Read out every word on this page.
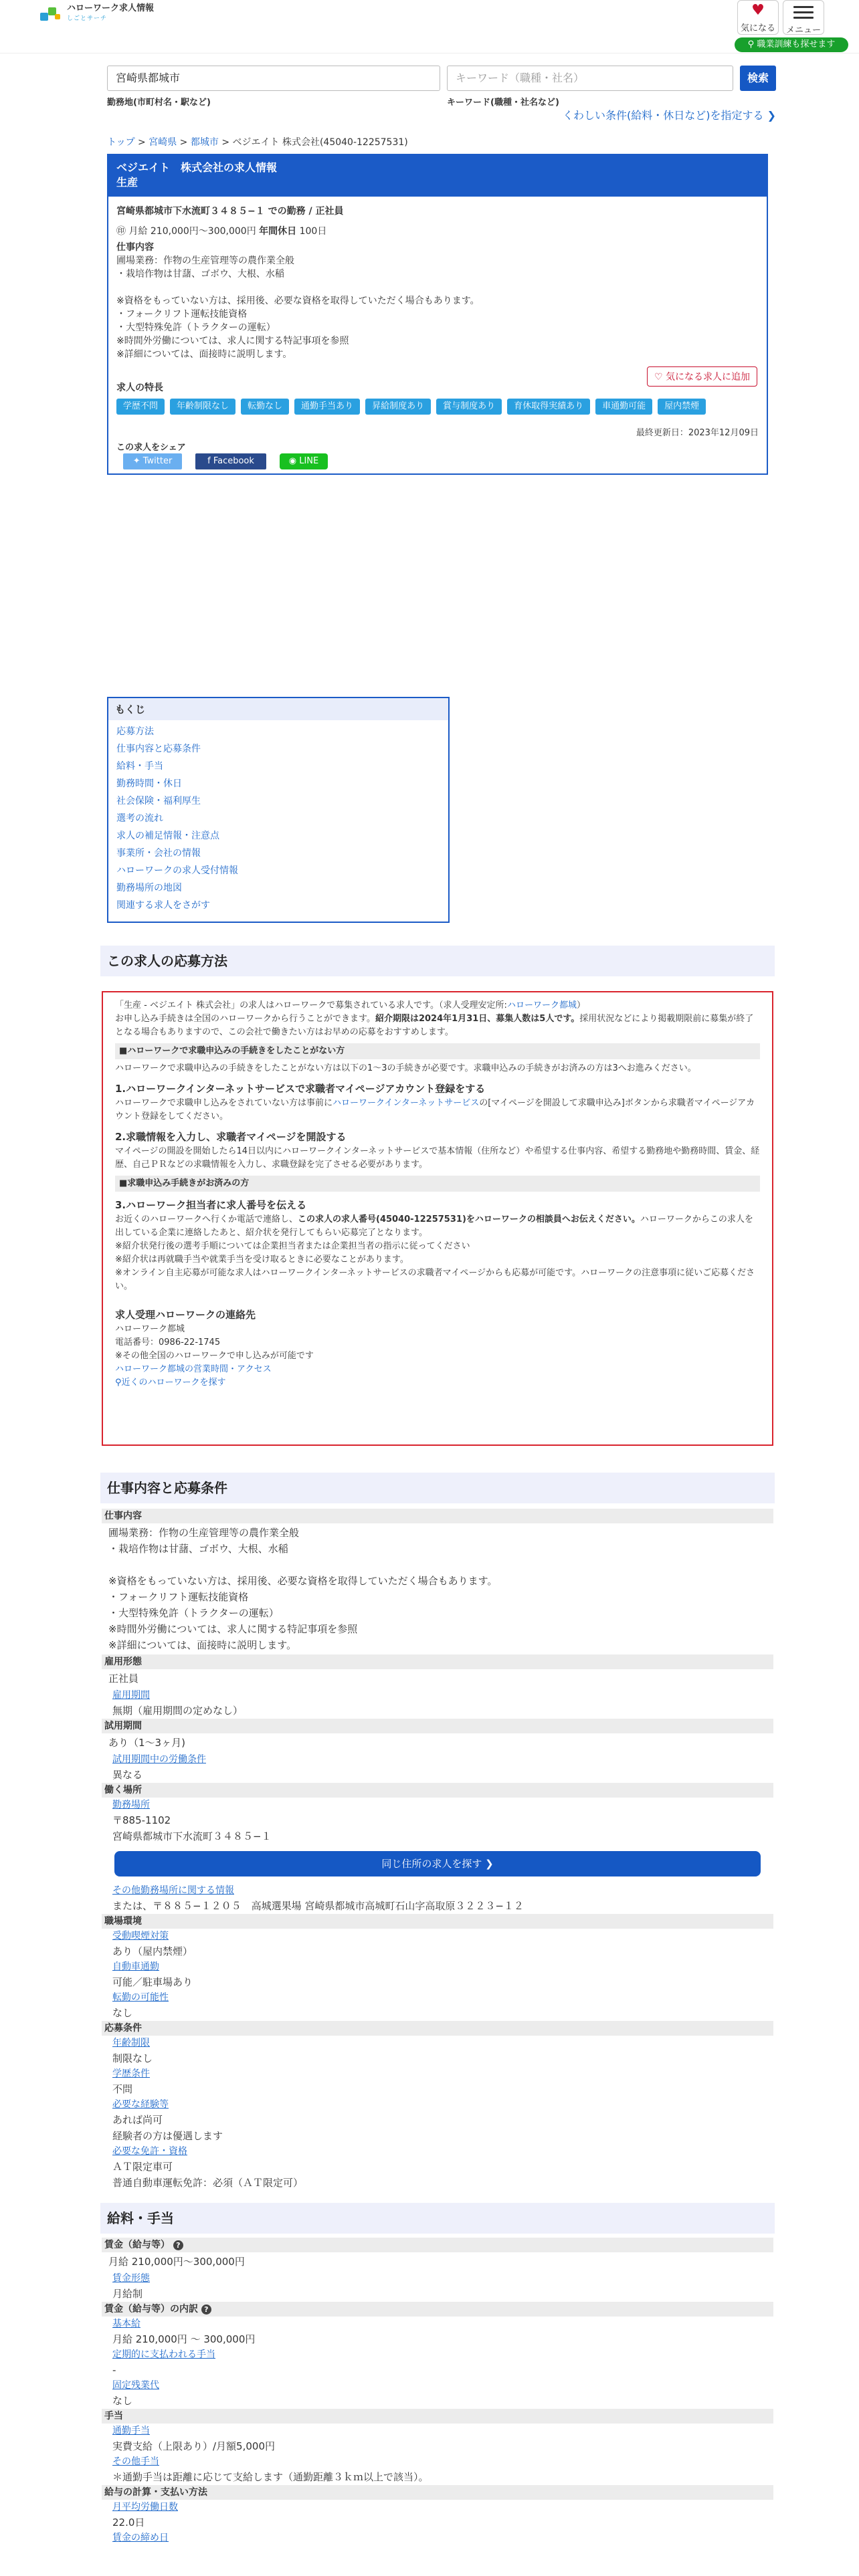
ハローワーク求人情報
しごとサーチ	♥
気になる	メニュー
⚲ 職業訓練も探せます
宮崎県都城市	キーワード（職種・社名）	検索
勤務地(市町村名・駅など)	キーワード(職種・社名など)
くわしい条件(給料・休日など)を指定する ❯
トップ > 宮崎県 > 都城市 > ベジエイト 株式会社(45040-12257531)
ベジエイト　株式会社の求人情報
生産
宮崎県都城市下水流町３４８５−１ での勤務 / 正社員
㊞ 月給 210,000円〜300,000円 年間休日 100日
仕事内容
圃場業務：作物の生産管理等の農作業全般
・栽培作物は甘藷、ゴボウ、大根、水稲
※資格をもっていない方は、採用後、必要な資格を取得していただく場合もあります。
・フォークリフト運転技能資格
・大型特殊免許（トラクターの運転）
※時間外労働については、求人に関する特記事項を参照
※詳細については、面接時に説明します。
求人の特長
学歴不問	年齢制限なし	転勤なし	通勤手当あり	昇給制度あり	賞与制度あり	育休取得実績あり	車通勤可能	屋内禁煙
♡ 気になる求人に追加
最終更新日：2023年12月09日
この求人をシェア
✦ Twitter	f Facebook	◉ LINE
もくじ
応募方法
仕事内容と応募条件
給料・手当
勤務時間・休日
社会保険・福利厚生
選考の流れ
求人の補足情報・注意点
事業所・会社の情報
ハローワークの求人受付情報
勤務場所の地図
関連する求人をさがす
この求人の応募方法
「生産 - ベジエイト 株式会社」の求人はハローワークで募集されている求人です。（求人受理安定所:ハローワーク都城）
お申し込み手続きは全国のハローワークから行うことができます。紹介期限は2024年1月31日、募集人数は5人です。採用状況などにより掲載期限前に募集が終了となる場合もありますので、この会社で働きたい方はお早めの応募をおすすめします。
■ハローワークで求職申込みの手続きをしたことがない方
ハローワークで求職申込みの手続きをしたことがない方は以下の1〜3の手続きが必要です。求職申込みの手続きがお済みの方は3へお進みください。
1.ハローワークインターネットサービスで求職者マイページアカウント登録をする
ハローワークで求職申し込みをされていない方は事前にハローワークインターネットサービスの[マイページを開設して求職申込み]ボタンから求職者マイページアカウント登録をしてください。
2.求職情報を入力し、求職者マイページを開設する
マイページの開設を開始したら14日以内にハローワークインターネットサービスで基本情報（住所など）や希望する仕事内容、希望する勤務地や勤務時間、賃金、経歴、自己ＰＲなどの求職情報を入力し、求職登録を完了させる必要があります。
■求職申込み手続きがお済みの方
3.ハローワーク担当者に求人番号を伝える
お近くのハローワークへ行くか電話で連絡し、この求人の求人番号(45040-12257531)をハローワークの相談員へお伝えください。ハローワークからこの求人を出している企業に連絡したあと、紹介状を発行してもらい応募完了となります。
※紹介状発行後の選考手順については企業担当者または企業担当者の指示に従ってください
※紹介状は再就職手当や就業手当を受け取るときに必要なことがあります。
※オンライン自主応募が可能な求人はハローワークインターネットサービスの求職者マイページからも応募が可能です。ハローワークの注意事項に従いご応募ください。
求人受理ハローワークの連絡先
ハローワーク都城
電話番号：0986-22-1745
※その他全国のハローワークで申し込みが可能です
ハローワーク都城の営業時間・アクセス
⚲近くのハローワークを探す
仕事内容と応募条件
仕事内容
圃場業務：作物の生産管理等の農作業全般
・栽培作物は甘藷、ゴボウ、大根、水稲
※資格をもっていない方は、採用後、必要な資格を取得していただく場合もあります。
・フォークリフト運転技能資格
・大型特殊免許（トラクターの運転）
※時間外労働については、求人に関する特記事項を参照
※詳細については、面接時に説明します。
雇用形態
正社員
雇用期間
無期（雇用期間の定めなし）
試用期間
あり（1〜3ヶ月)
試用期間中の労働条件
異なる
働く場所
勤務場所
〒885-1102
宮崎県都城市下水流町３４８５−１
同じ住所の求人を探す ❯
その他勤務場所に関する情報
または、〒８８５−１２０５　高城選果場 宮崎県都城市高城町石山字高取原３２２３−１２
職場環境
受動喫煙対策
あり（屋内禁煙）
自動車通勤
可能／駐車場あり
転勤の可能性
なし
応募条件
年齢制限
制限なし
学歴条件
不問
必要な経験等
あれば尚可
経験者の方は優遇します
必要な免許・資格
ＡＴ限定車可
普通自動車運転免許：必須（ＡＴ限定可）
給料・手当
賃金（給与等） ?
月給 210,000円〜300,000円
賃金形態
月給制
賃金（給与等）の内訳 ?
基本給
月給 210,000円 〜 300,000円
定期的に支払われる手当
-
固定残業代
なし
手当
通勤手当
実費支給（上限あり）/月額5,000円
その他手当
＊通勤手当は距離に応じて支給します（通勤距離３ｋｍ以上で該当）。
給与の計算・支払い方法
月平均労働日数
22.0日
賃金の締め日
